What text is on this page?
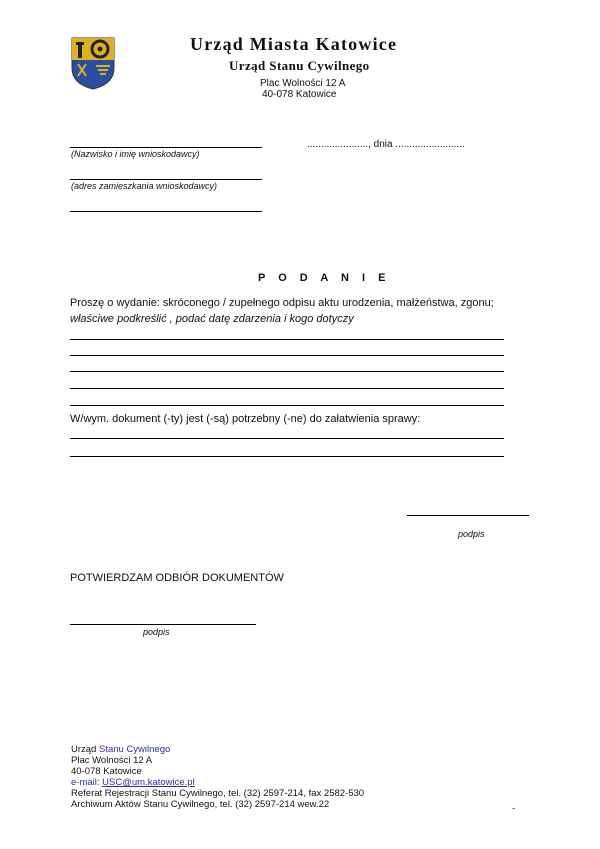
Urząd Miasta Katowice
Urząd Stanu Cywilnego
Plac Wolności 12 A
40-078 Katowice
(Nazwisko i imię wnioskodawcy)
......................, dnia .........................
(adres zamieszkania wnioskodawcy)
P O D A N I E
Proszę o wydanie: skróconego / zupełnego odpisu aktu urodzenia, małżeństwa, zgonu;
właściwe podkreślić , podać datę zdarzenia i kogo dotyczy
W/wym. dokument (-ty) jest (-są) potrzebny (-ne) do załatwienia sprawy:
podpis
POTWIERDZAM ODBIÓR DOKUMENTÓW
podpis
Urząd Stanu Cywilnego
Plac Wolności 12 A
40-078 Katowice
e-mail: USC@um.katowice.pl
Referat Rejestracji Stanu Cywilnego, tel. (32) 2597-214, fax 2582-530
Archiwum Aktów Stanu Cywilnego, tel. (32) 2597-214 wew.22	-
